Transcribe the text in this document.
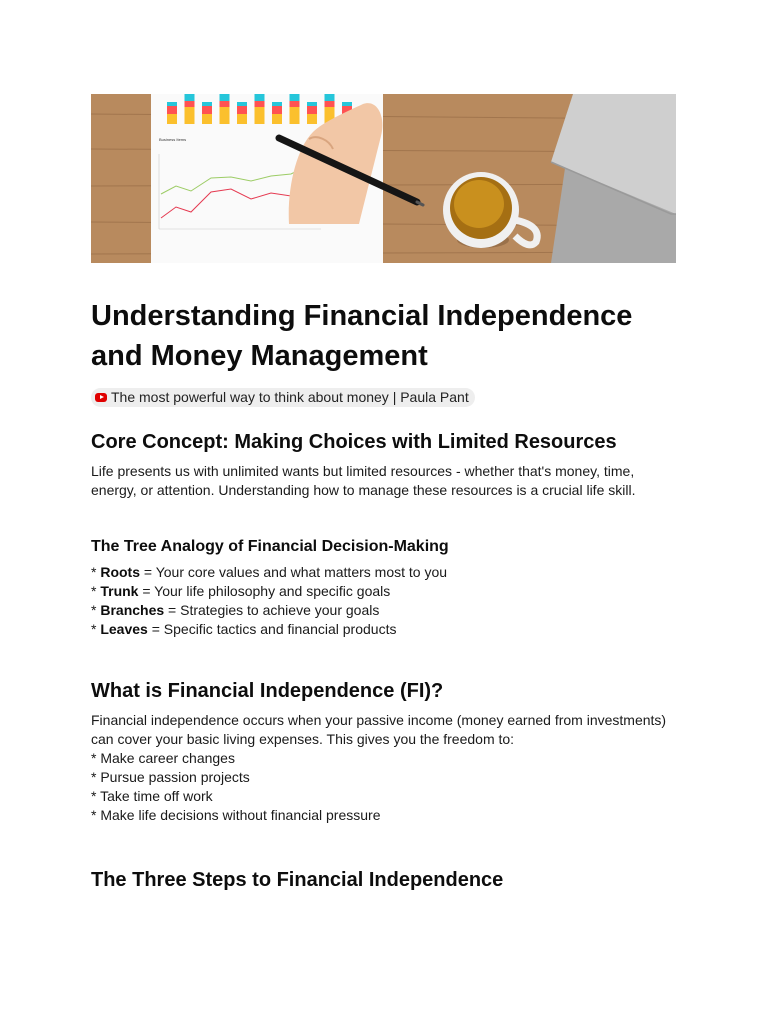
Business Items
Understanding Financial Independence and Money Management
The most powerful way to think about money | Paula Pant
Core Concept: Making Choices with Limited Resources

Life presents us with unlimited wants but limited resources - whether that's money, time, energy, or attention. Understanding how to manage these resources is a crucial life skill.

The Tree Analogy of Financial Decision-Making
* Roots = Your core values and what matters most to you
* Trunk = Your life philosophy and specific goals
* Branches = Strategies to achieve your goals
* Leaves = Specific tactics and financial products
What is Financial Independence (FI)?

Financial independence occurs when your passive income (money earned from investments) can cover your basic living expenses. This gives you the freedom to:

* Make career changes
* Pursue passion projects
* Take time off work
* Make life decisions without financial pressure
The Three Steps to Financial Independence
